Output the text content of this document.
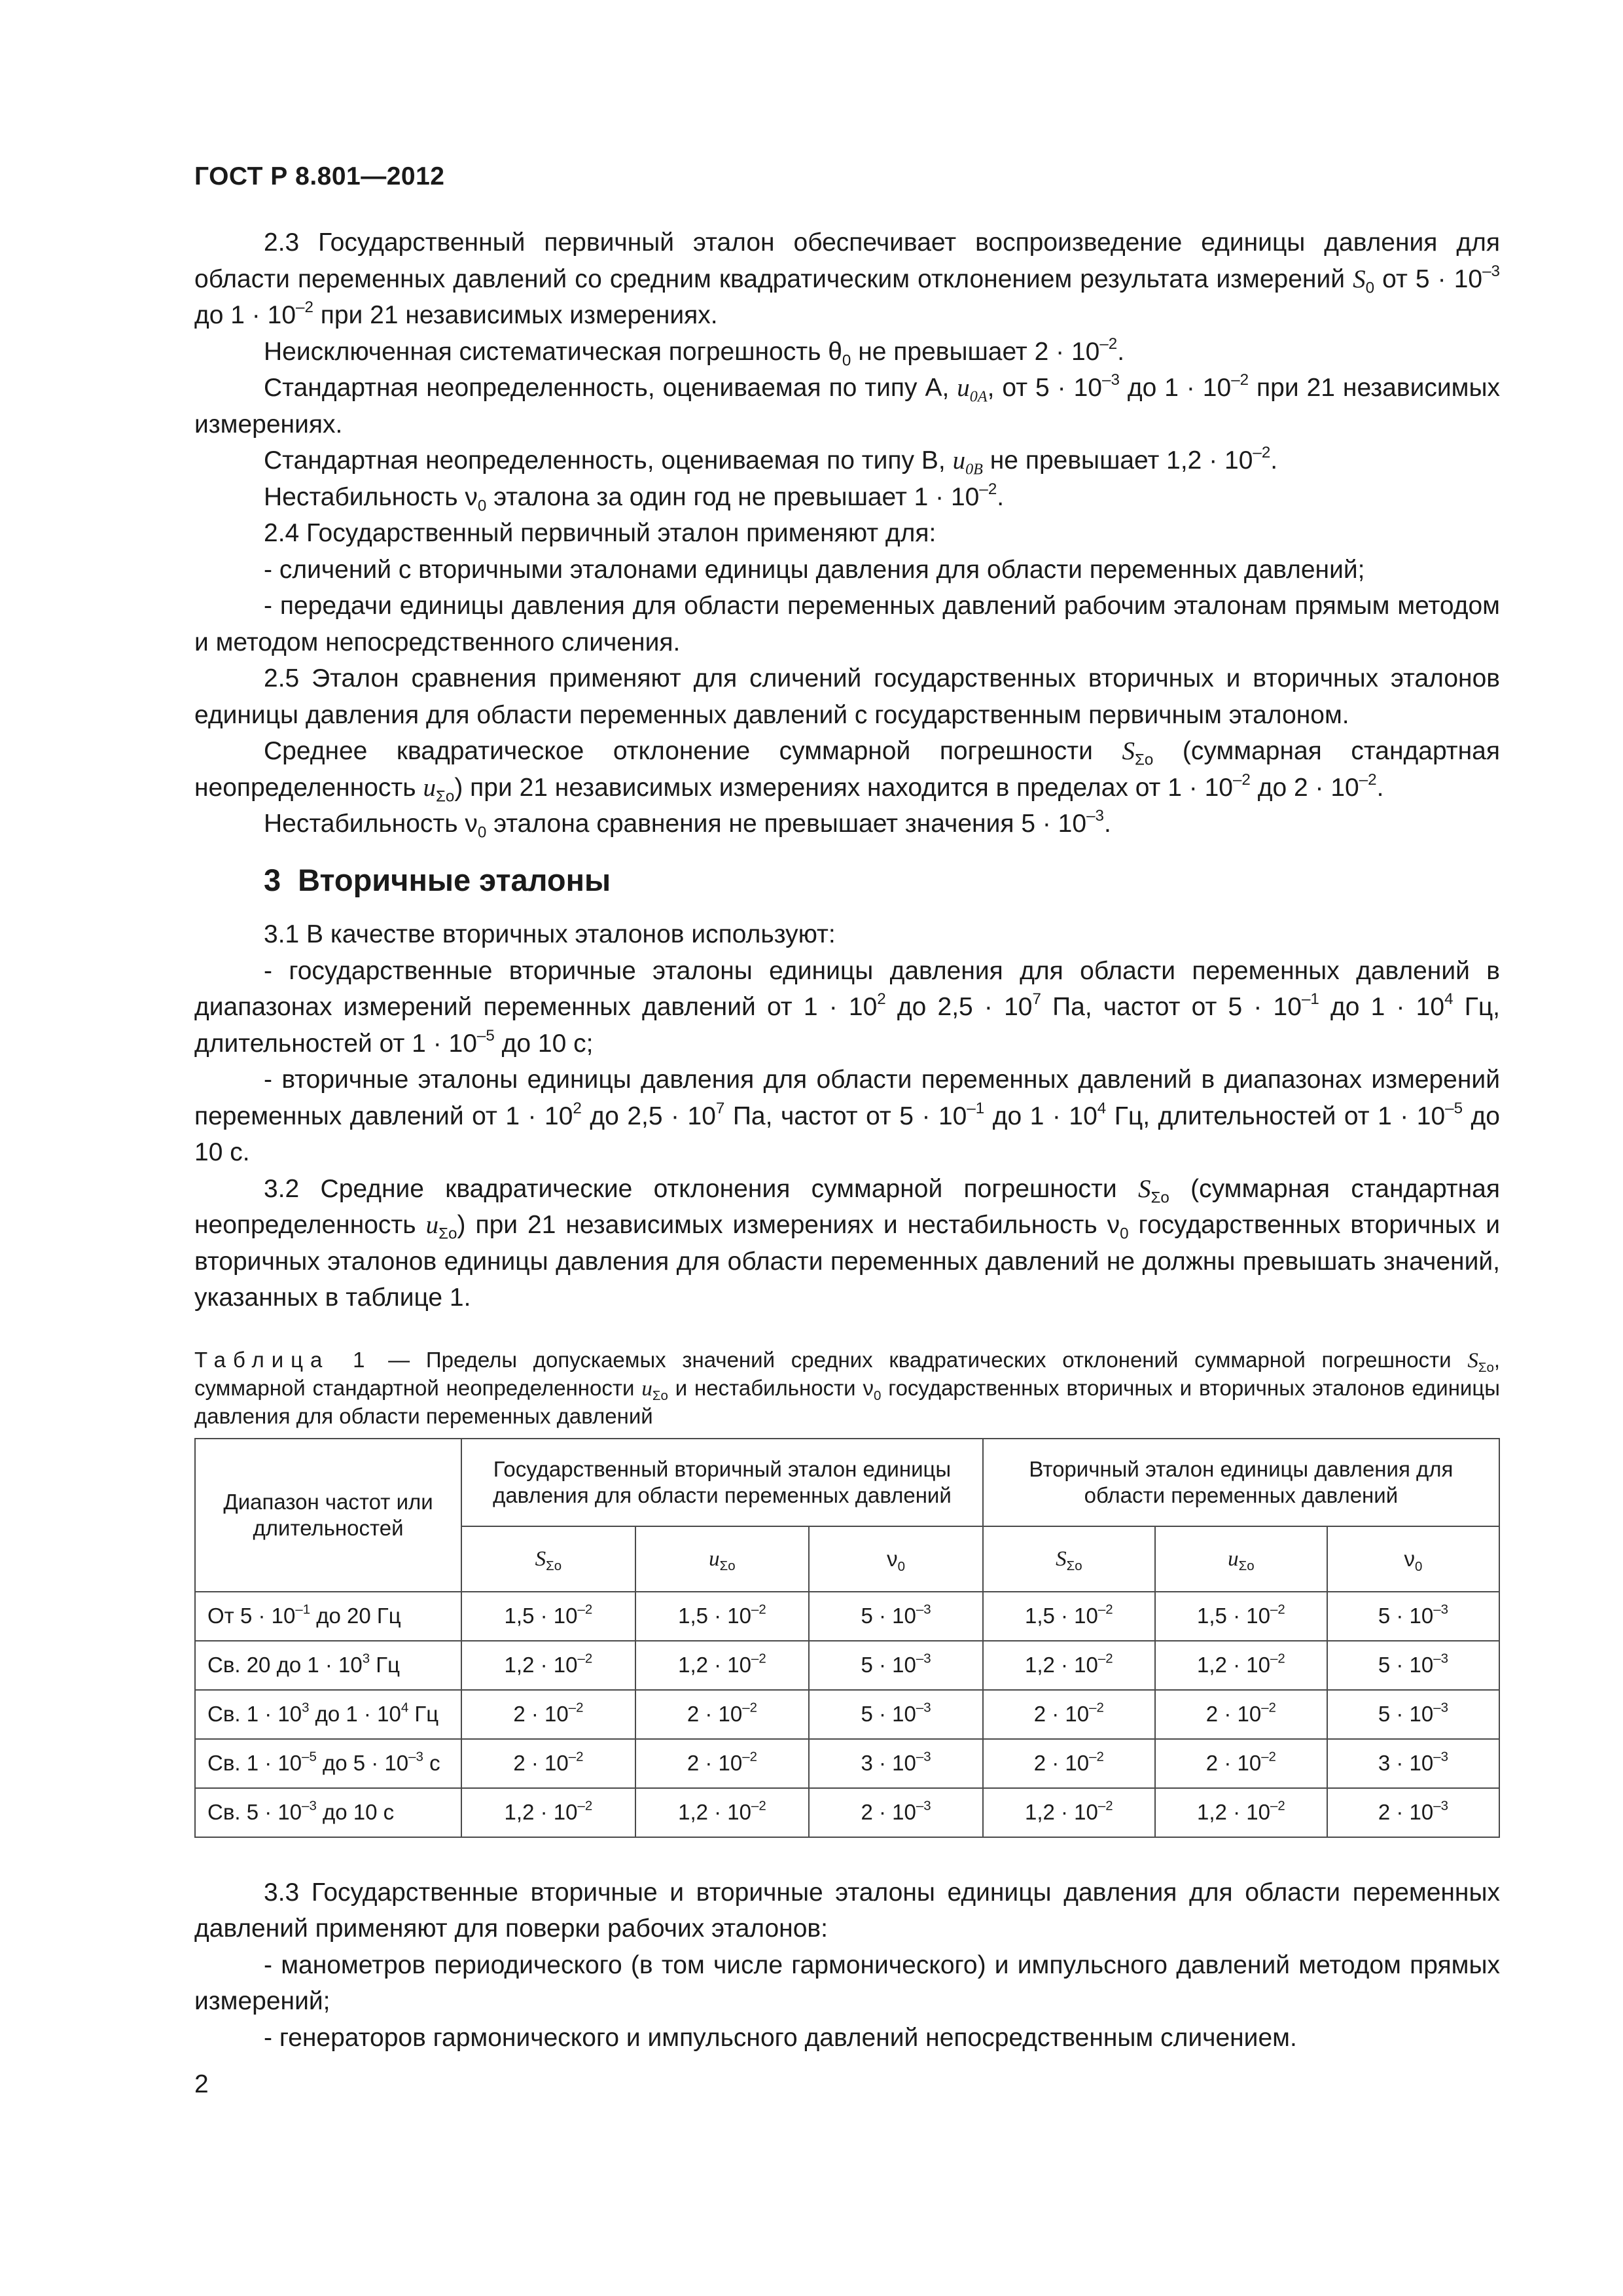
ГОСТ Р 8.801—2012

2.3 Государственный первичный эталон обеспечивает воспроизведение единицы давления для области переменных давлений со средним квадратическим отклонением результата измерений $S_0$ от $5 \cdot 10^{-3}$ до $1 \cdot 10^{-2}$ при 21 независимых измерениях.

Неисключенная систематическая погрешность $\theta_0$ не превышает $2 \cdot 10^{-2}$.

Стандартная неопределенность, оцениваемая по типу А, $u_{0A}$, от $5 \cdot 10^{-3}$ до $1 \cdot 10^{-2}$ при 21 независимых измерениях.

Стандартная неопределенность, оцениваемая по типу В, $u_{0B}$ не превышает $1,2 \cdot 10^{-2}$.

Нестабильность $\nu_0$ эталона за один год не превышает $1 \cdot 10^{-2}$.

2.4 Государственный первичный эталон применяют для:

- сличений с вторичными эталонами единицы давления для области переменных давлений;

- передачи единицы давления для области переменных давлений рабочим эталонам прямым методом и методом непосредственного сличения.

2.5 Эталон сравнения применяют для сличений государственных вторичных и вторичных эталонов единицы давления для области переменных давлений с государственным первичным эталоном.

Среднее квадратическое отклонение суммарной погрешности $S_{\Sigma о}$ (суммарная стандартная неопределенность $u_{\Sigma о}$) при 21 независимых измерениях находится в пределах от $1 \cdot 10^{-2}$ до $2 \cdot 10^{-2}$.

Нестабильность $\nu_0$ эталона сравнения не превышает значения $5 \cdot 10^{-3}$.

3 Вторичные эталоны

3.1 В качестве вторичных эталонов используют:

- государственные вторичные эталоны единицы давления для области переменных давлений в диапазонах измерений переменных давлений от $1 \cdot 10^2$ до $2,5 \cdot 10^7$ Па, частот от $5 \cdot 10^{-1}$ до $1 \cdot 10^4$ Гц, длительностей от $1 \cdot 10^{-5}$ до 10 с;

- вторичные эталоны единицы давления для области переменных давлений в диапазонах измерений переменных давлений от $1 \cdot 10^2$ до $2,5 \cdot 10^7$ Па, частот от $5 \cdot 10^{-1}$ до $1 \cdot 10^4$ Гц, длительностей от $1 \cdot 10^{-5}$ до 10 с.

3.2 Средние квадратические отклонения суммарной погрешности $S_{\Sigma о}$ (суммарная стандартная неопределенность $u_{\Sigma о}$) при 21 независимых измерениях и нестабильность $\nu_0$ государственных вторичных и вторичных эталонов единицы давления для области переменных давлений не должны превышать значений, указанных в таблице 1.

Таблица 1 — Пределы допускаемых значений средних квадратических отклонений суммарной погрешности $S_{\Sigma о}$, суммарной стандартной неопределенности $u_{\Sigma о}$ и нестабильности $\nu_0$ государственных вторичных и вторичных эталонов единицы давления для области переменных давлений

Диапазон частот или длительностей	Государственный вторичный эталон единицы давления для области переменных давлений			Вторичный эталон единицы давления для области переменных давлений		
	$S_{\Sigma о}$	$u_{\Sigma о}$	$\nu_0$	$S_{\Sigma о}$	$u_{\Sigma о}$	$\nu_0$
От $5 \cdot 10^{-1}$ до 20 Гц	$1,5 \cdot 10^{-2}$	$1,5 \cdot 10^{-2}$	$5 \cdot 10^{-3}$	$1,5 \cdot 10^{-2}$	$1,5 \cdot 10^{-2}$	$5 \cdot 10^{-3}$
Св. 20 до $1 \cdot 10^3$ Гц	$1,2 \cdot 10^{-2}$	$1,2 \cdot 10^{-2}$	$5 \cdot 10^{-3}$	$1,2 \cdot 10^{-2}$	$1,2 \cdot 10^{-2}$	$5 \cdot 10^{-3}$
Св. $1 \cdot 10^3$ до $1 \cdot 10^4$ Гц	$2 \cdot 10^{-2}$	$2 \cdot 10^{-2}$	$5 \cdot 10^{-3}$	$2 \cdot 10^{-2}$	$2 \cdot 10^{-2}$	$5 \cdot 10^{-3}$
Св. $1 \cdot 10^{-5}$ до $5 \cdot 10^{-3}$ с	$2 \cdot 10^{-2}$	$2 \cdot 10^{-2}$	$3 \cdot 10^{-3}$	$2 \cdot 10^{-2}$	$2 \cdot 10^{-2}$	$3 \cdot 10^{-3}$
Св. $5 \cdot 10^{-3}$ до 10 с	$1,2 \cdot 10^{-2}$	$1,2 \cdot 10^{-2}$	$2 \cdot 10^{-3}$	$1,2 \cdot 10^{-2}$	$1,2 \cdot 10^{-2}$	$2 \cdot 10^{-3}$

3.3 Государственные вторичные и вторичные эталоны единицы давления для области переменных давлений применяют для поверки рабочих эталонов:

- манометров периодического (в том числе гармонического) и импульсного давлений методом прямых измерений;

- генераторов гармонического и импульсного давлений непосредственным сличением.

2
